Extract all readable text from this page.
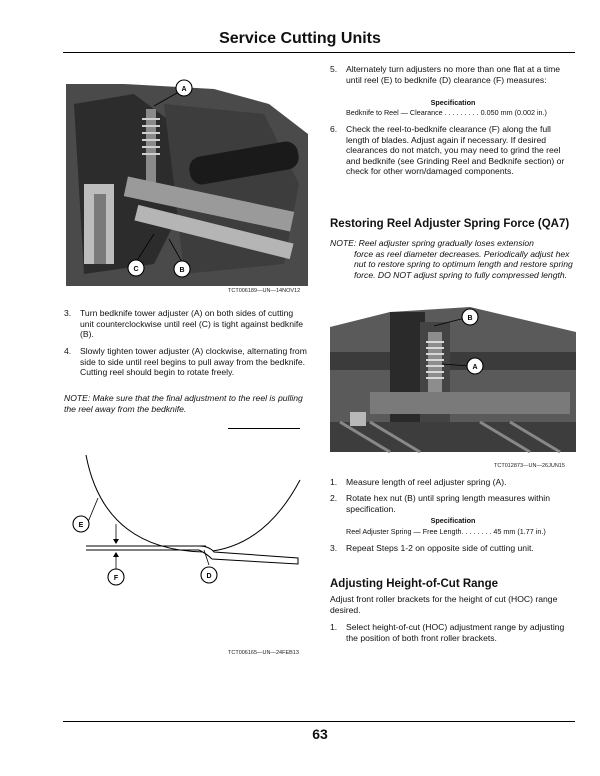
Service Cutting Units
A
C	B
TCT006189—UN—14NOV12
3. Turn bedknife tower adjuster (A) on both sides of cutting unit counterclockwise until reel (C) is tight against bedknife (B).
4. Slowly tighten tower adjuster (A) clockwise, alternating from side to side until reel begins to pull away from the bedknife. Cutting reel should begin to rotate freely.
NOTE: Make sure that the final adjustment to the reel is pulling the reel away from the bedknife.
E
F	D
TCT006165—UN—24FEB13
5. Alternately turn adjusters no more than one flat at a time until reel (E) to bedknife (D) clearance (F) measures:
Specification
Bedknife to Reel — Clearance . . . . . . . . . 0.050 mm (0.002 in.)
6. Check the reel-to-bedknife clearance (F) along the full length of blades. Adjust again if necessary. If desired clearances do not match, you may need to grind the reel and bedknife (see Grinding Reel and Bedknife section) or check for other worn/damaged components.
Restoring Reel Adjuster Spring Force (QA7)
NOTE: Reel adjuster spring gradually loses extension
force as reel diameter decreases. Periodically adjust hex nut to restore spring to optimum length and restore spring force. DO NOT adjust spring to fully compressed length.
B
A
TCT012873—UN—26JUN15
1. Measure length of reel adjuster spring (A).
2. Rotate hex nut (B) until spring length measures within specification.
Specification
Reel Adjuster Spring — Free Length. . . . . . . . 45 mm (1.77 in.)
3. Repeat Steps 1-2 on opposite side of cutting unit.
Adjusting Height-of-Cut Range
Adjust front roller brackets for the height of cut (HOC) range desired.
1. Select height-of-cut (HOC) adjustment range by adjusting the position of both front roller brackets.
63
